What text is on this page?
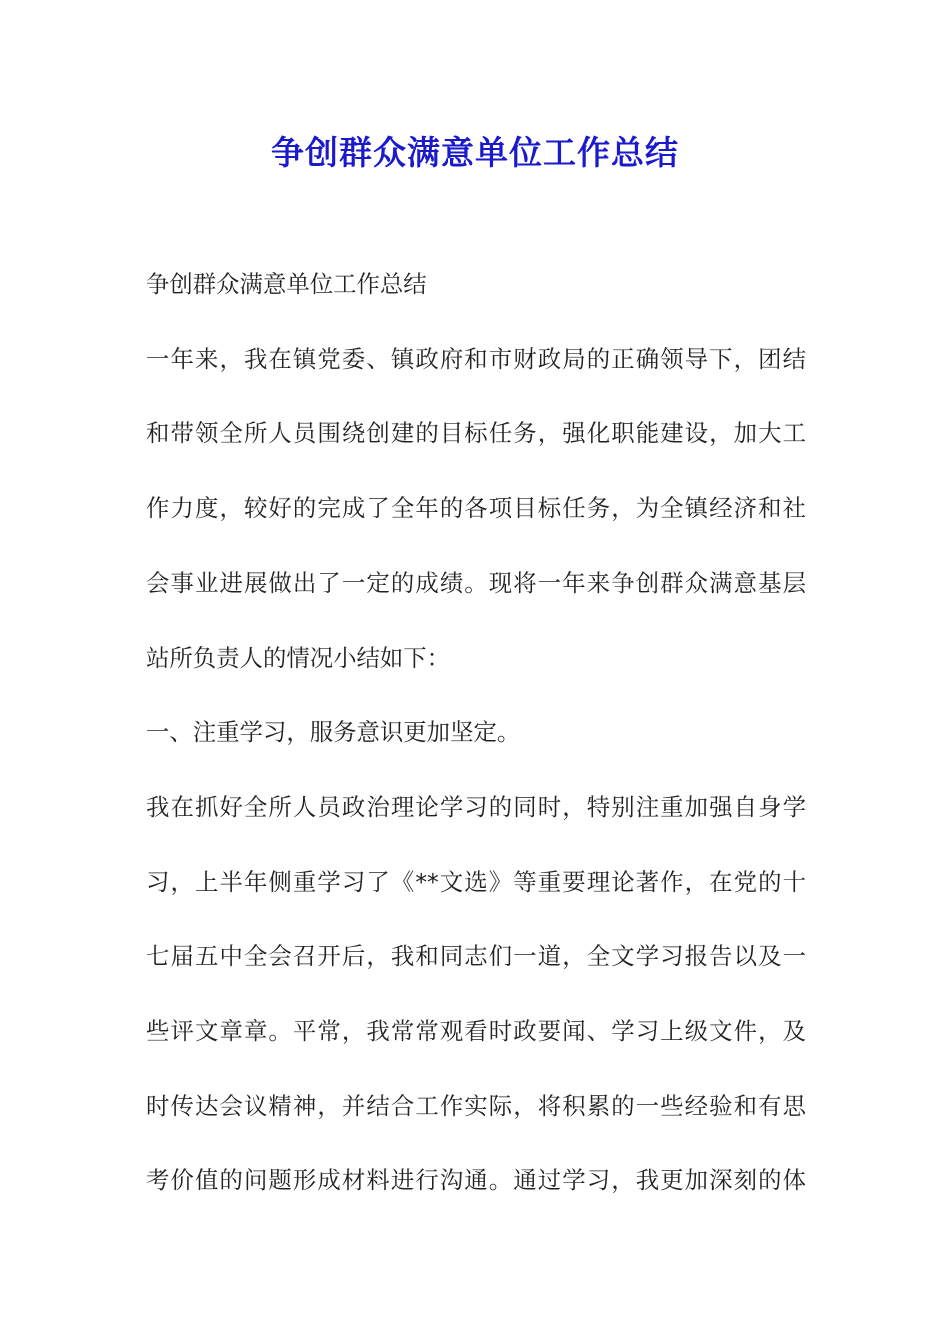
争创群众满意单位工作总结

争创群众满意单位工作总结

一年来，我在镇党委、镇政府和市财政局的正确领导下，团结

和带领全所人员围绕创建的目标任务，强化职能建设，加大工

作力度，较好的完成了全年的各项目标任务，为全镇经济和社

会事业进展做出了一定的成绩。现将一年来争创群众满意基层

站所负责人的情况小结如下：

一、注重学习，服务意识更加坚定。

我在抓好全所人员政治理论学习的同时，特别注重加强自身学

习，上半年侧重学习了《**文选》等重要理论著作，在党的十

七届五中全会召开后，我和同志们一道，全文学习报告以及一

些评文章章。平常，我常常观看时政要闻、学习上级文件，及

时传达会议精神，并结合工作实际，将积累的一些经验和有思

考价值的问题形成材料进行沟通。通过学习，我更加深刻的体
